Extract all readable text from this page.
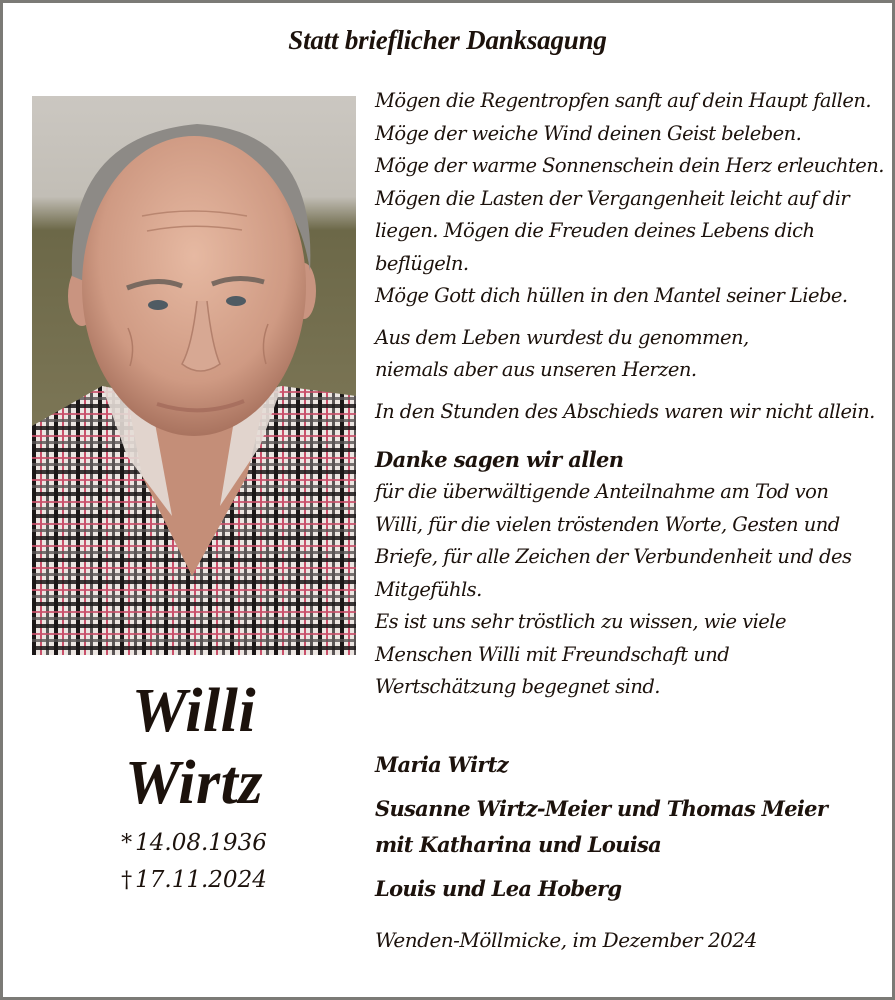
Statt brieflicher Danksagung
Willi
Wirtz
* 14.08.1936
† 17.11.2024

Mögen die Regentropfen sanft auf dein Haupt fallen.
Möge der weiche Wind deinen Geist beleben.
Möge der warme Sonnenschein dein Herz erleuchten.
Mögen die Lasten der Vergangenheit leicht auf dir
liegen. Mögen die Freuden deines Lebens dich
beflügeln.
Möge Gott dich hüllen in den Mantel seiner Liebe.

Aus dem Leben wurdest du genommen,
niemals aber aus unseren Herzen.

In den Stunden des Abschieds waren wir nicht allein.

Danke sagen wir allen

für die überwältigende Anteilnahme am Tod von
Willi, für die vielen tröstenden Worte, Gesten und
Briefe, für alle Zeichen der Verbundenheit und des
Mitgefühls.
Es ist uns sehr tröstlich zu wissen, wie viele
Menschen Willi mit Freundschaft und
Wertschätzung begegnet sind.

Maria Wirtz
Susanne Wirtz-Meier und Thomas Meier
mit Katharina und Louisa
Louis und Lea Hoberg
Wenden-Möllmicke, im Dezember 2024
